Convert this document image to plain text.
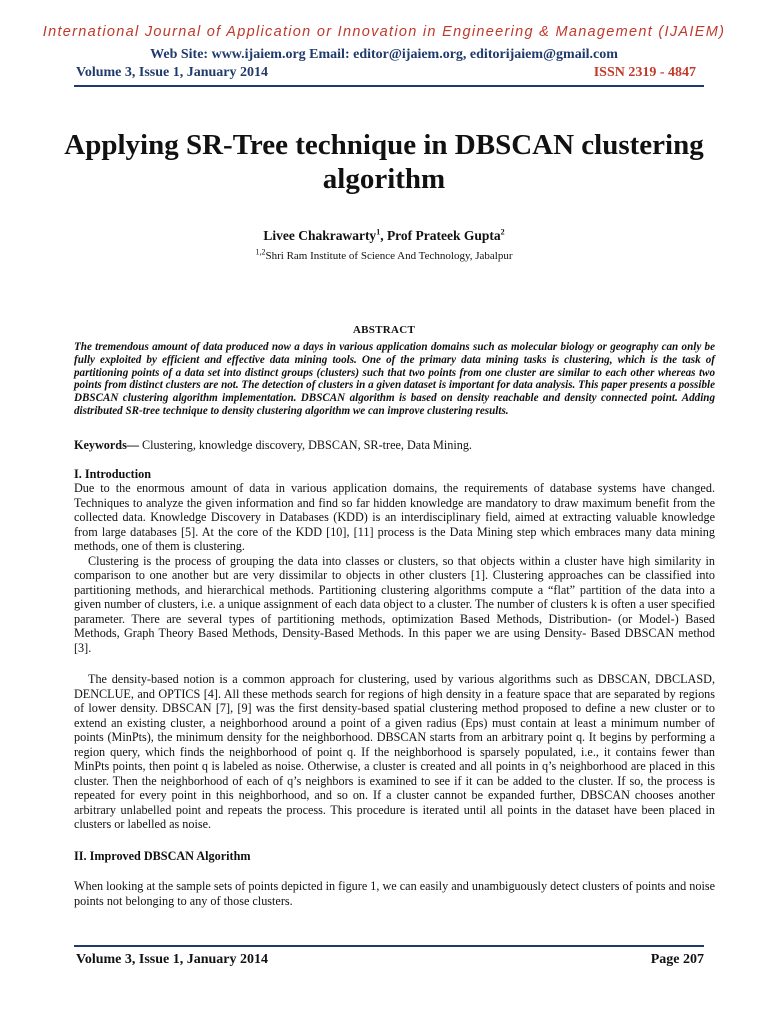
International Journal of Application or Innovation in Engineering & Management (IJAIEM)
Web Site: www.ijaiem.org Email: editor@ijaiem.org, editorijaiem@gmail.com
Volume 3, Issue 1, January 2014	ISSN 2319 - 4847
Applying SR-Tree technique in DBSCAN clustering algorithm
Livee Chakrawarty$^1$, Prof Prateek Gupta$^2$
$^{1,2}$Shri Ram Institute of Science And Technology, Jabalpur
ABSTRACT
The tremendous amount of data produced now a days in various application domains such as molecular biology or geography can only be fully exploited by efficient and effective data mining tools. One of the primary data mining tasks is clustering, which is the task of partitioning points of a data set into distinct groups (clusters) such that two points from one cluster are similar to each other whereas two points from distinct clusters are not. The detection of clusters in a given dataset is important for data analysis. This paper presents a possible DBSCAN clustering algorithm implementation. DBSCAN algorithm is based on density reachable and density connected point. Adding distributed SR-tree technique to density clustering algorithm we can improve clustering results.
Keywords— Clustering, knowledge discovery, DBSCAN, SR-tree, Data Mining.
I. Introduction

Due to the enormous amount of data in various application domains, the requirements of database systems have changed. Techniques to analyze the given information and find so far hidden knowledge are mandatory to draw maximum benefit from the collected data. Knowledge Discovery in Databases (KDD) is an interdisciplinary field, aimed at extracting valuable knowledge from large databases [5]. At the core of the KDD [10], [11] process is the Data Mining step which embraces many data mining methods, one of them is clustering.

Clustering is the process of grouping the data into classes or clusters, so that objects within a cluster have high similarity in comparison to one another but are very dissimilar to objects in other clusters [1]. Clustering approaches can be classified into partitioning methods, and hierarchical methods. Partitioning clustering algorithms compute a “flat” partition of the data into a given number of clusters, i.e. a unique assignment of each data object to a cluster. The number of clusters k is often a user specified parameter. There are several types of partitioning methods, optimization Based Methods, Distribution- (or Model-) Based Methods, Graph Theory Based Methods, Density-Based Methods. In this paper we are using Density- Based DBSCAN method [3].

The density-based notion is a common approach for clustering, used by various algorithms such as DBSCAN, DBCLASD, DENCLUE, and OPTICS [4]. All these methods search for regions of high density in a feature space that are separated by regions of lower density. DBSCAN [7], [9] was the first density-based spatial clustering method proposed to define a new cluster or to extend an existing cluster, a neighborhood around a point of a given radius (Eps) must contain at least a minimum number of points (MinPts), the minimum density for the neighborhood. DBSCAN starts from an arbitrary point q. It begins by performing a region query, which finds the neighborhood of point q. If the neighborhood is sparsely populated, i.e., it contains fewer than MinPts points, then point q is labeled as noise. Otherwise, a cluster is created and all points in q’s neighborhood are placed in this cluster. Then the neighborhood of each of q’s neighbors is examined to see if it can be added to the cluster. If so, the process is repeated for every point in this neighborhood, and so on. If a cluster cannot be expanded further, DBSCAN chooses another arbitrary unlabelled point and repeats the process. This procedure is iterated until all points in the dataset have been placed in clusters or labelled as noise.

II. Improved DBSCAN Algorithm

When looking at the sample sets of points depicted in figure 1, we can easily and unambiguously detect clusters of points and noise points not belonging to any of those clusters.

Volume 3, Issue 1, January 2014	Page 207
